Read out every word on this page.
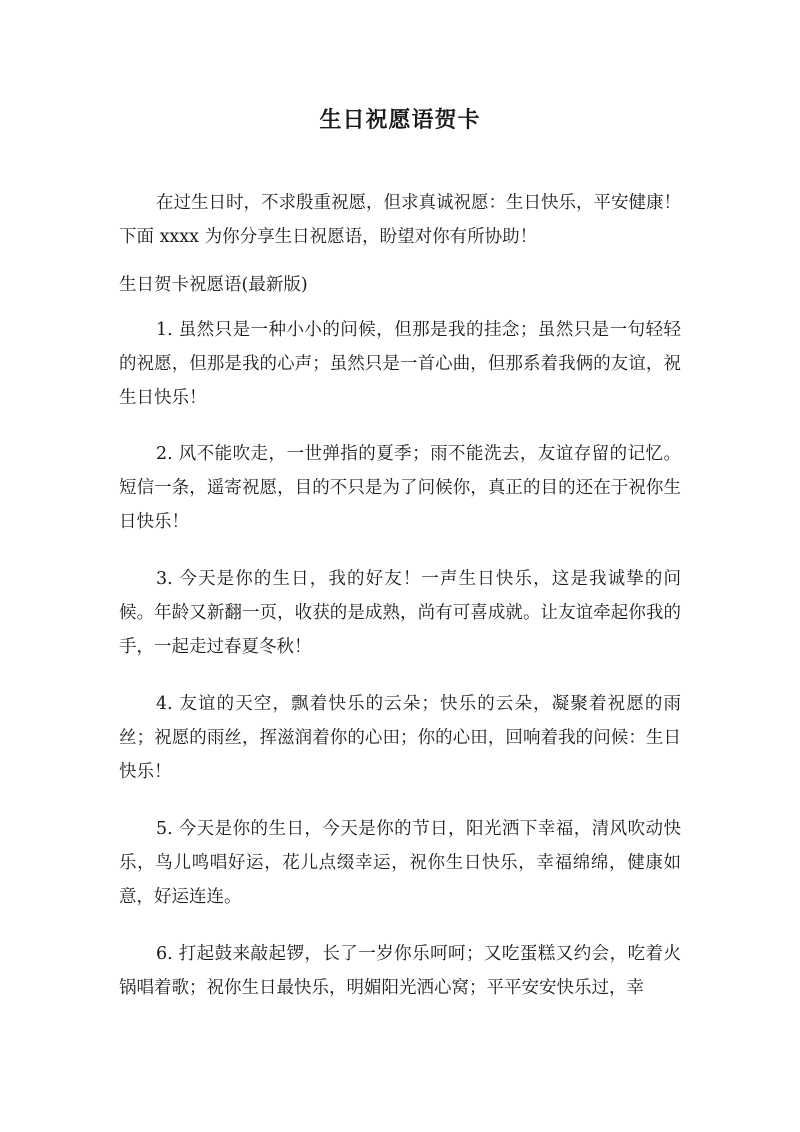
生日祝愿语贺卡

在过生日时，不求殷重祝愿，但求真诚祝愿：生日快乐，平安健康！下面 xxxx 为你分享生日祝愿语，盼望对你有所协助！

生日贺卡祝愿语(最新版)

1. 虽然只是一种小小的问候，但那是我的挂念；虽然只是一句轻轻的祝愿，但那是我的心声；虽然只是一首心曲，但那系着我俩的友谊，祝生日快乐！

2. 风不能吹走，一世弹指的夏季；雨不能洗去，友谊存留的记忆。短信一条，遥寄祝愿，目的不只是为了问候你，真正的目的还在于祝你生日快乐！

3. 今天是你的生日，我的好友！一声生日快乐，这是我诚挚的问候。年龄又新翻一页，收获的是成熟，尚有可喜成就。让友谊牵起你我的手，一起走过春夏冬秋！

4. 友谊的天空，飘着快乐的云朵；快乐的云朵，凝聚着祝愿的雨丝；祝愿的雨丝，挥滋润着你的心田；你的心田，回响着我的问候：生日快乐！

5. 今天是你的生日，今天是你的节日，阳光洒下幸福，清风吹动快乐，鸟儿鸣唱好运，花儿点缀幸运，祝你生日快乐，幸福绵绵，健康如意，好运连连。

6. 打起鼓来敲起锣，长了一岁你乐呵呵；又吃蛋糕又约会，吃着火锅唱着歌；祝你生日最快乐，明媚阳光洒心窝；平平安安快乐过，幸
